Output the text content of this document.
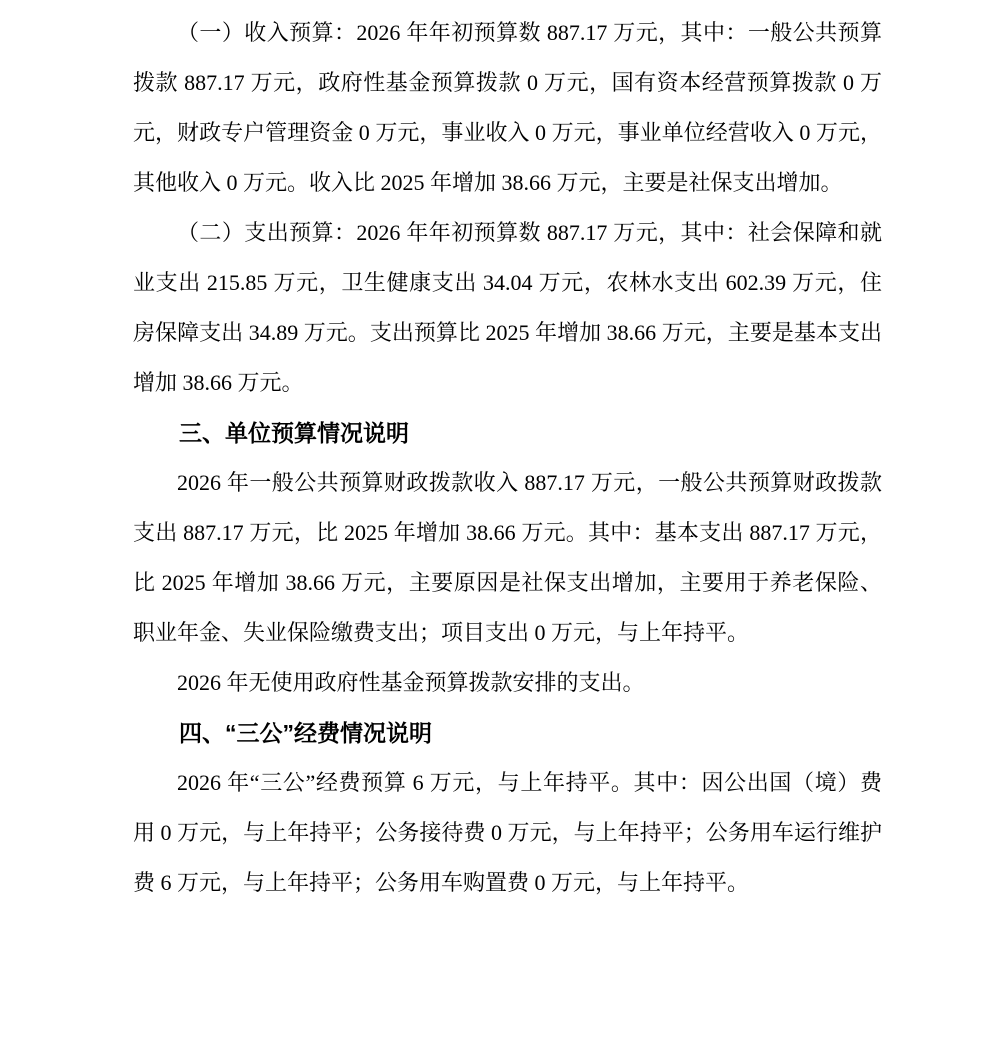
（一）收入预算：2026 年年初预算数 887.17 万元，其中：一般公共预算拨款 887.17 万元，政府性基金预算拨款 0 万元，国有资本经营预算拨款 0 万元，财政专户管理资金 0 万元，事业收入 0 万元，事业单位经营收入 0 万元，其他收入 0 万元。收入比 2025 年增加 38.66 万元，主要是社保支出增加。

（二）支出预算：2026 年年初预算数 887.17 万元，其中：社会保障和就业支出 215.85 万元，卫生健康支出 34.04 万元，农林水支出 602.39 万元，住房保障支出 34.89 万元。支出预算比 2025 年增加 38.66 万元，主要是基本支出增加 38.66 万元。

三、单位预算情况说明

2026 年一般公共预算财政拨款收入 887.17 万元，一般公共预算财政拨款支出 887.17 万元，比 2025 年增加 38.66 万元。其中：基本支出 887.17 万元，比 2025 年增加 38.66 万元，主要原因是社保支出增加，主要用于养老保险、职业年金、失业保险缴费支出；项目支出 0 万元，与上年持平。

2026 年无使用政府性基金预算拨款安排的支出。

四、“三公”经费情况说明

2026 年“三公”经费预算 6 万元，与上年持平。其中：因公出国（境）费用 0 万元，与上年持平；公务接待费 0 万元，与上年持平；公务用车运行维护费 6 万元，与上年持平；公务用车购置费 0 万元，与上年持平。
